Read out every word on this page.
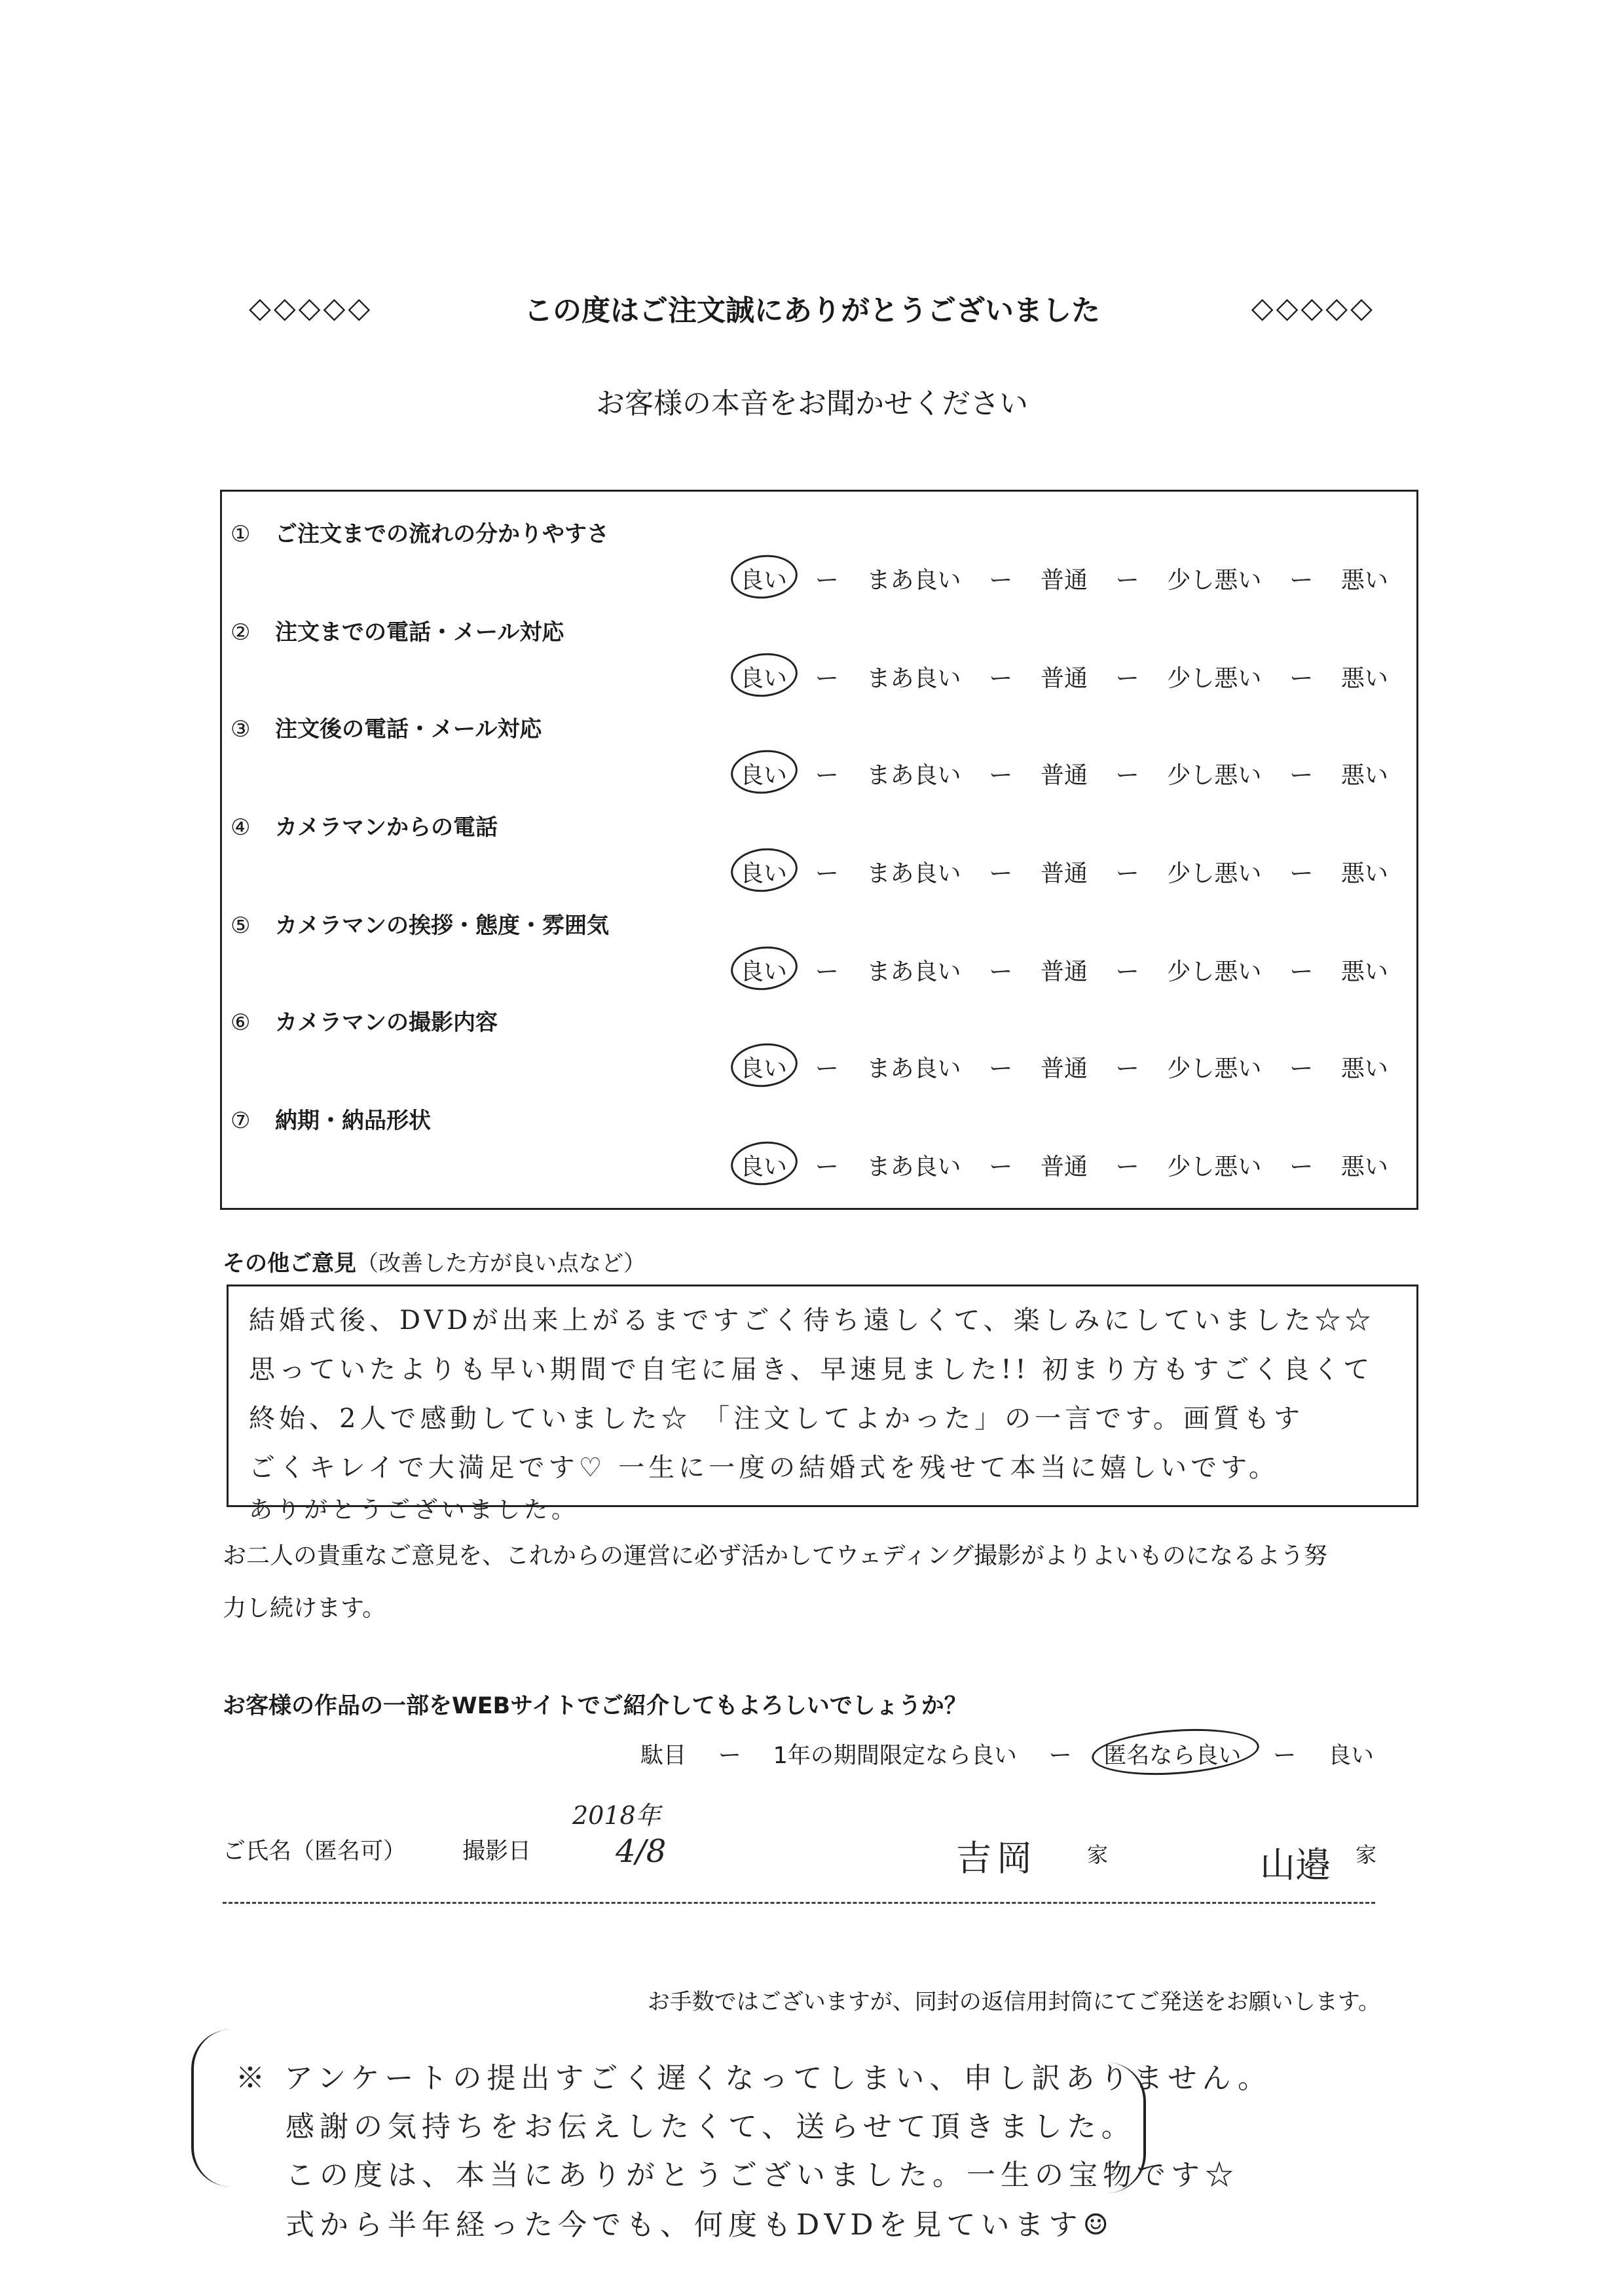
◇◇◇◇◇	この度はご注文誠にありがとうございました	◇◇◇◇◇
お客様の本音をお聞かせください
① ご注文までの流れの分かりやすさ
良い ー まあ良い ー 普通 ー 少し悪い ー 悪い
② 注文までの電話・メール対応
良い ー まあ良い ー 普通 ー 少し悪い ー 悪い
③ 注文後の電話・メール対応
良い ー まあ良い ー 普通 ー 少し悪い ー 悪い
④ カメラマンからの電話
良い ー まあ良い ー 普通 ー 少し悪い ー 悪い
⑤ カメラマンの挨拶・態度・雰囲気
良い ー まあ良い ー 普通 ー 少し悪い ー 悪い
⑥ カメラマンの撮影内容
良い ー まあ良い ー 普通 ー 少し悪い ー 悪い
⑦ 納期・納品形状
良い ー まあ良い ー 普通 ー 少し悪い ー 悪い
その他ご意見（改善した方が良い点など）
結婚式後、DVDが出来上がるまですごく待ち遠しくて、楽しみにしていました☆☆
思っていたよりも早い期間で自宅に届き、早速見ました!! 初まり方もすごく良くて
終始、2人で感動していました☆ 「注文してよかった」の一言です。画質もす
ごくキレイで大満足です♡ 一生に一度の結婚式を残せて本当に嬉しいです。
ありがとうございました。
お二人の貴重なご意見を、これからの運営に必ず活かしてウェディング撮影がよりよいものになるよう努
力し続けます。
お客様の作品の一部をWEBサイトでご紹介してもよろしいでしょうか？
駄目 ー 1年の期間限定なら良い ー 匿名なら良い ー 良い
ご氏名（匿名可） 撮影日
2018年
4/8	吉岡 家	山邉 家
お手数ではございますが、同封の返信用封筒にてご発送をお願いします。
※ アンケートの提出すごく遅くなってしまい、申し訳ありません。
感謝の気持ちをお伝えしたくて、送らせて頂きました。
この度は、本当にありがとうございました。一生の宝物です☆
式から半年経った今でも、何度もDVDを見ています☺
